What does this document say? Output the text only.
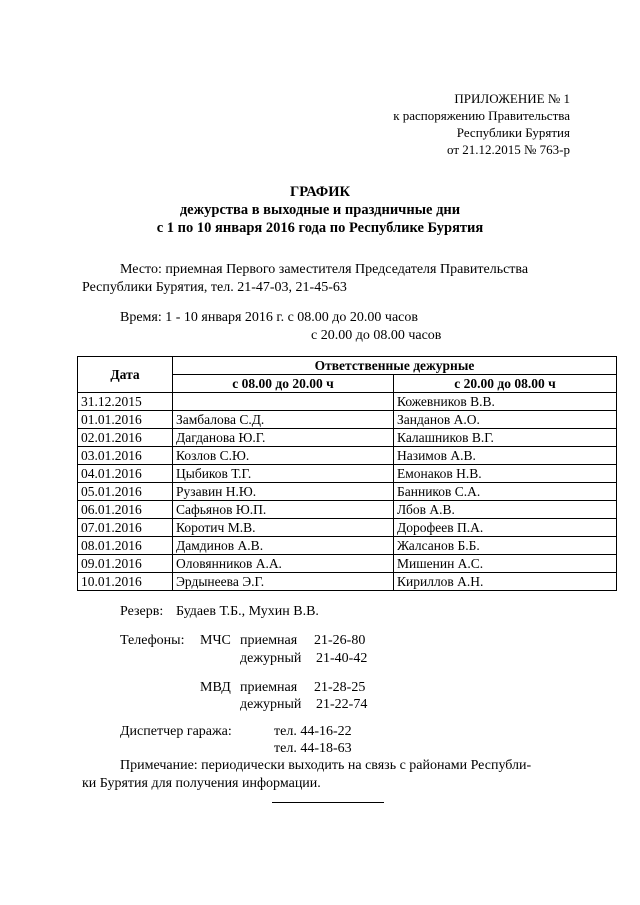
ПРИЛОЖЕНИЕ № 1
к распоряжению Правительства
Республики Бурятия
от 21.12.2015 № 763-р
ГРАФИК
дежурства в выходные и праздничные дни
с 1 по 10 января 2016 года по Республике Бурятия
Место: приемная Первого заместителя Председателя Правительства
Республики Бурятия, тел. 21-47-03, 21-45-63
Время: 1 - 10 января 2016 г. с 08.00 до 20.00 часов
с 20.00 до 08.00 часов
Дата	Ответственные дежурные	
	с 08.00 до 20.00 ч	с 20.00 до 08.00 ч
31.12.2015		Кожевников В.В.
01.01.2016	Замбалова С.Д.	Занданов А.О.
02.01.2016	Дагданова Ю.Г.	Калашников В.Г.
03.01.2016	Козлов С.Ю.	Назимов А.В.
04.01.2016	Цыбиков Т.Г.	Емонаков Н.В.
05.01.2016	Рузавин Н.Ю.	Банников С.А.
06.01.2016	Сафьянов Ю.П.	Лбов А.В.
07.01.2016	Коротич М.В.	Дорофеев П.А.
08.01.2016	Дамдинов А.В.	Жалсанов Б.Б.
09.01.2016	Оловянников А.А.	Мишенин А.С.
10.01.2016	Эрдынеева Э.Г.	Кириллов А.Н.
Резерв: Будаев Т.Б., Мухин В.В.
Телефоны: МЧС приемная 21-26-80
дежурный 21-40-42
МВД приемная 21-28-25
дежурный 21-22-74
Диспетчер гаража:	тел. 44-16-22
тел. 44-18-63
Примечание: периодически выходить на связь с районами Республи-
ки Бурятия для получения информации.
